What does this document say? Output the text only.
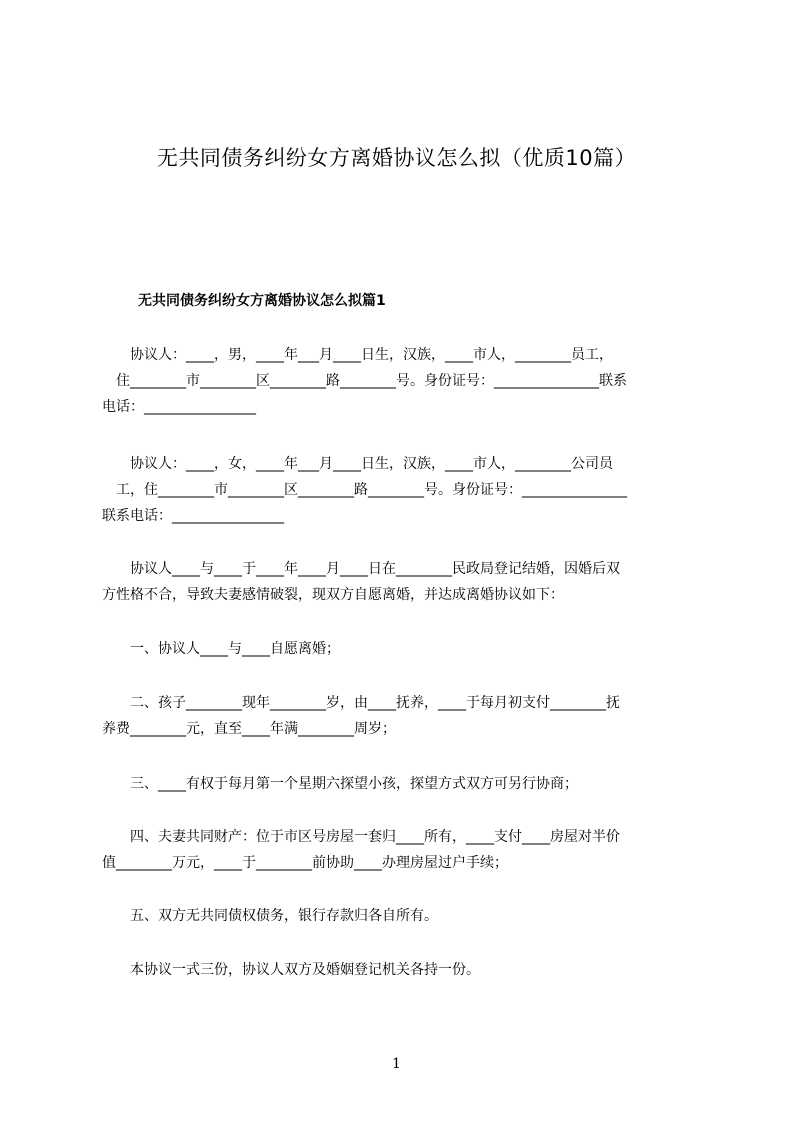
无共同债务纠纷女方离婚协议怎么拟（优质10篇）
无共同债务纠纷女方离婚协议怎么拟篇1
　　协议人：____，男，____年___月____日生，汉族，____市人，________员工，
　住________市________区________路________号。身份证号：_______________联系
电话：________________
　　协议人：____，女，____年___月____日生，汉族，____市人，________公司员
　工，住________市________区________路________号。身份证号：_______________
联系电话：________________
　　协议人____与____于____年____月____日在________民政局登记结婚，因婚后双
方性格不合，导致夫妻感情破裂，现双方自愿离婚，并达成离婚协议如下：
　　一、协议人____与____自愿离婚；
　　二、孩子________现年________岁，由____抚养，____于每月初支付________抚
养费________元，直至____年满________周岁；
　　三、____有权于每月第一个星期六探望小孩，探望方式双方可另行协商；
　　四、夫妻共同财产：位于市区号房屋一套归____所有，____支付____房屋对半价
值________万元，____于________前协助____办理房屋过户手续；
　　五、双方无共同债权债务，银行存款归各自所有。
　　本协议一式三份，协议人双方及婚姻登记机关各持一份。
1
